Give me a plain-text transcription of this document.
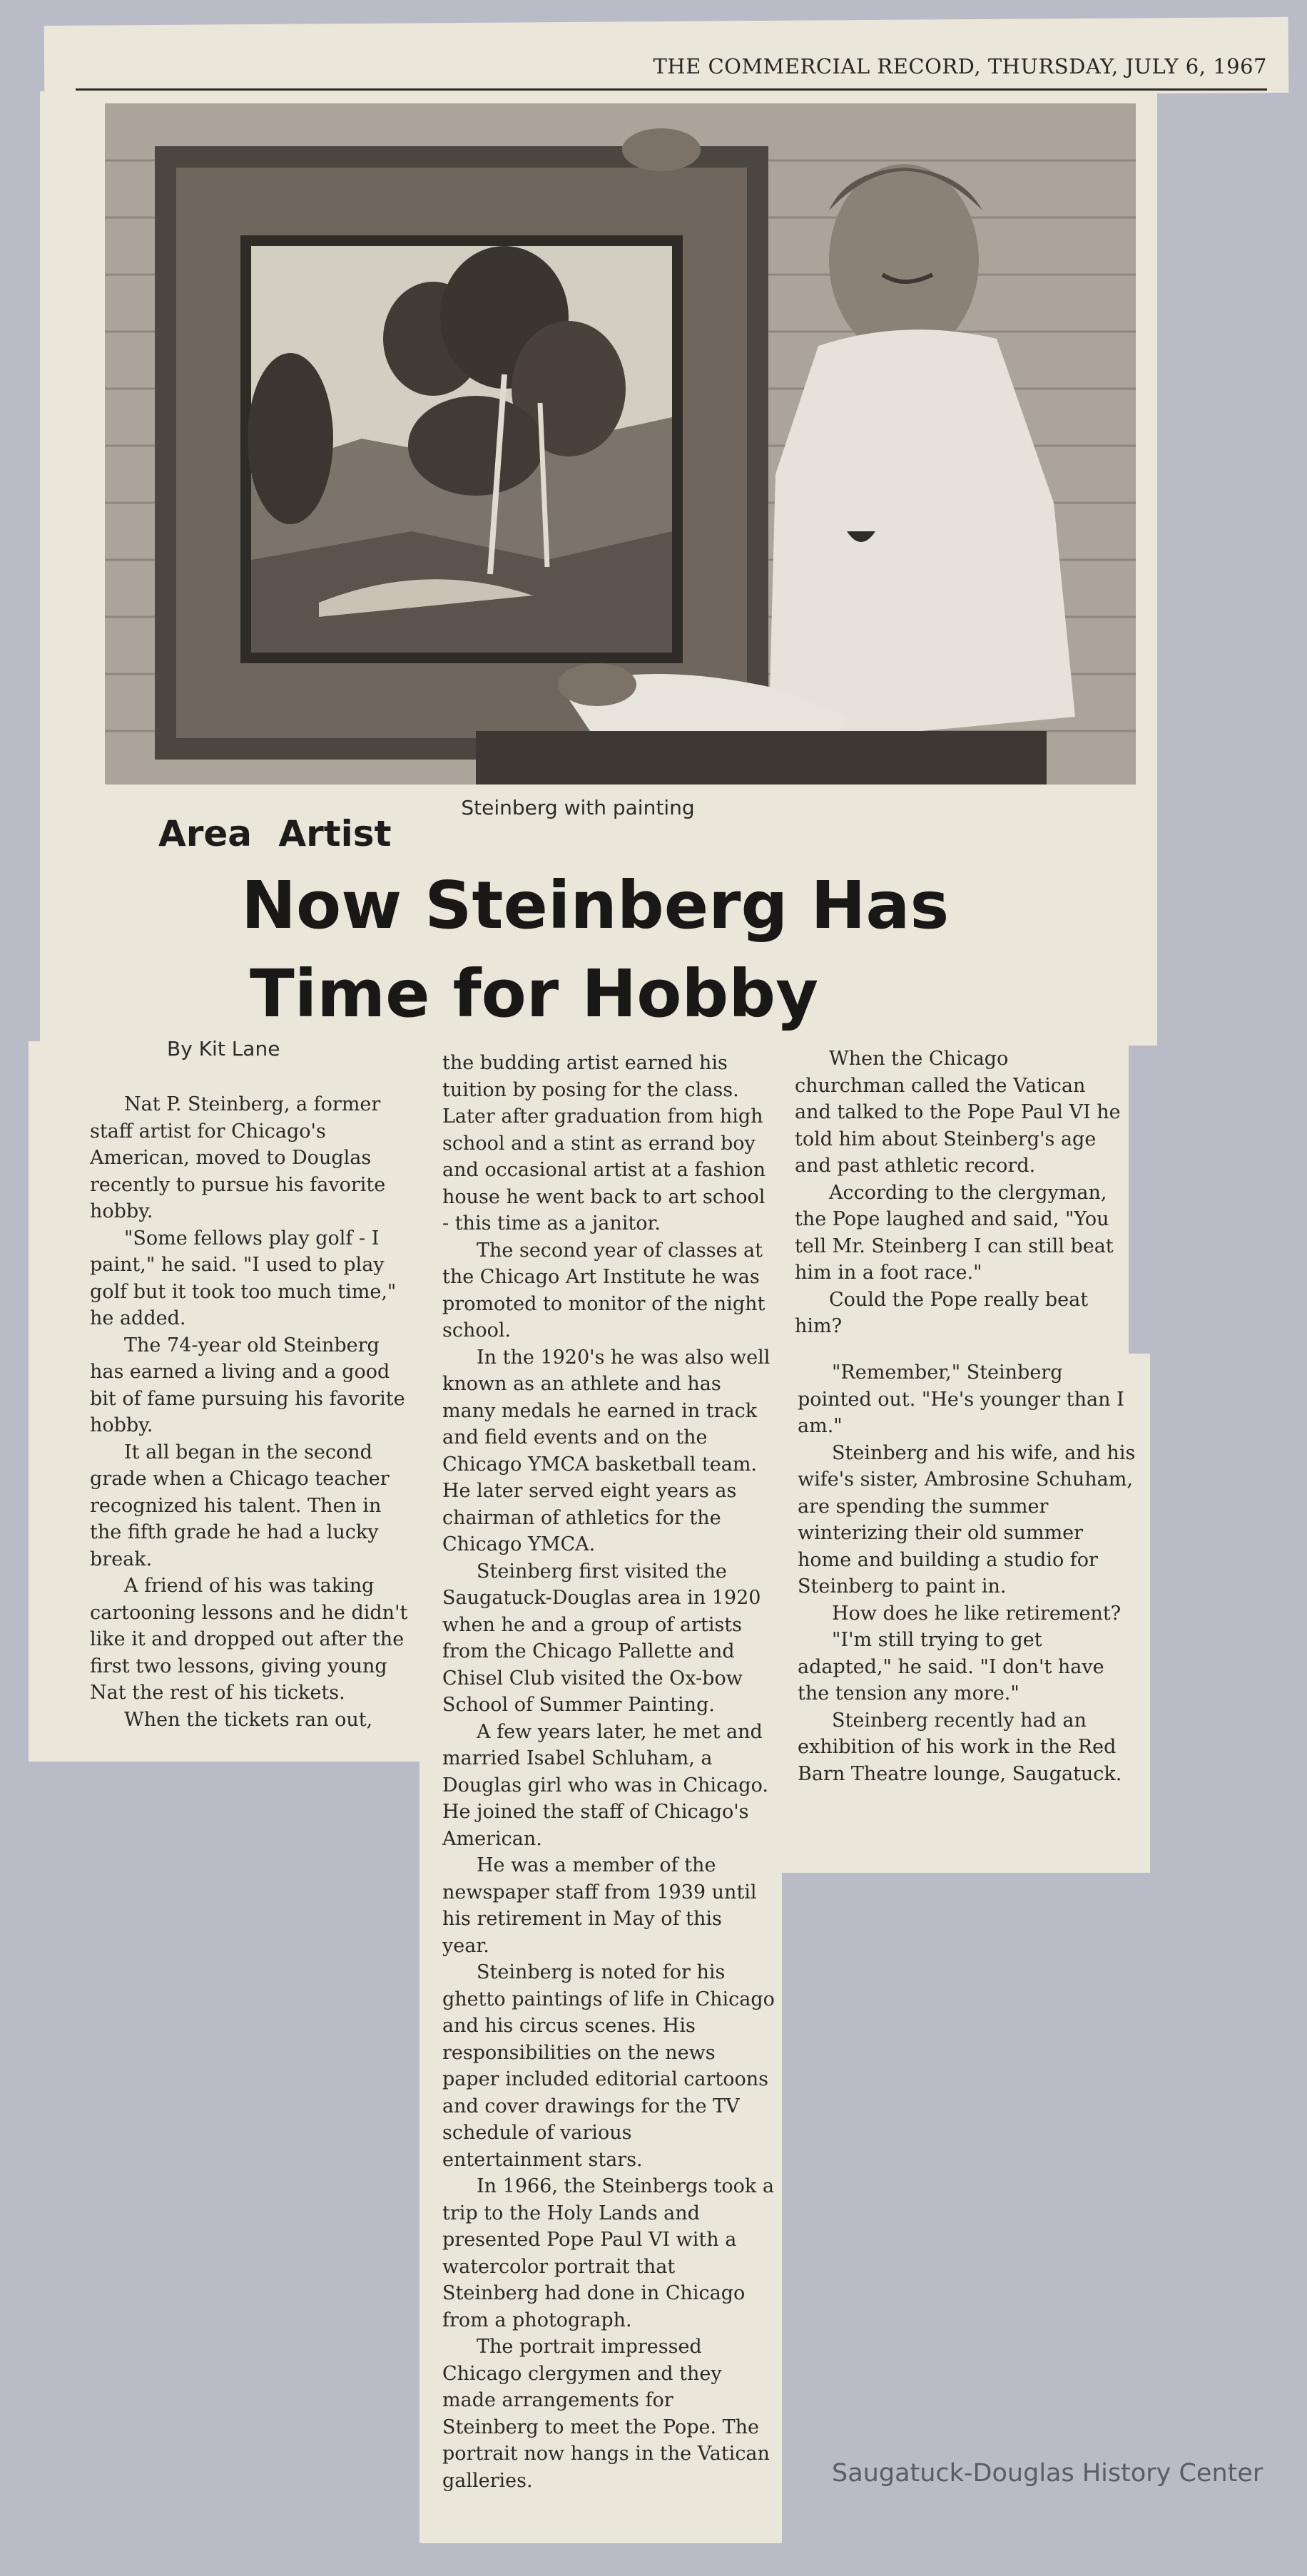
THE COMMERCIAL RECORD, THURSDAY, JULY 6, 1967
Steinberg with painting
Area Artist
Now Steinberg Has
Time for Hobby
By Kit Lane

Nat P. Steinberg, a former staff artist for Chicago's American, moved to Douglas recently to pursue his favorite hobby.

"Some fellows play golf - I paint," he said. "I used to play golf but it took too much time," he added.

The 74-year old Steinberg has earned a living and a good bit of fame pursuing his favorite hobby.

It all began in the second grade when a Chicago teacher recognized his talent. Then in the fifth grade he had a lucky break.

A friend of his was taking cartooning lessons and he didn't like it and dropped out after the first two lessons, giving young Nat the rest of his tickets.

When the tickets ran out,

the budding artist earned his tuition by posing for the class. Later after graduation from high school and a stint as errand boy and occasional artist at a fashion house he went back to art school - this time as a janitor.

The second year of classes at the Chicago Art Institute he was promoted to monitor of the night school.

In the 1920's he was also well known as an athlete and has many medals he earned in track and field events and on the Chicago YMCA basketball team. He later served eight years as chairman of athletics for the Chicago YMCA.

Steinberg first visited the Saugatuck-Douglas area in 1920 when he and a group of artists from the Chicago Pallette and Chisel Club visited the Ox-bow School of Summer Painting.

A few years later, he met and married Isabel Schluham, a Douglas girl who was in Chicago. He joined the staff of Chicago's American.

He was a member of the newspaper staff from 1939 until his retirement in May of this year.

Steinberg is noted for his ghetto paintings of life in Chicago and his circus scenes. His responsibilities on the news paper included editorial cartoons and cover drawings for the TV schedule of various entertainment stars.

In 1966, the Steinbergs took a trip to the Holy Lands and presented Pope Paul VI with a watercolor portrait that Steinberg had done in Chicago from a photograph.

The portrait impressed Chicago clergymen and they made arrangements for Steinberg to meet the Pope. The portrait now hangs in the Vatican galleries.

When the Chicago churchman called the Vatican and talked to the Pope Paul VI he told him about Steinberg's age and past athletic record.

According to the clergyman, the Pope laughed and said, "You tell Mr. Steinberg I can still beat him in a foot race."

Could the Pope really beat him?

"Remember," Steinberg pointed out. "He's younger than I am."

Steinberg and his wife, and his wife's sister, Ambrosine Schuham, are spending the summer winterizing their old summer home and building a studio for Steinberg to paint in.

How does he like retirement?

"I'm still trying to get adapted," he said. "I don't have the tension any more."

Steinberg recently had an exhibition of his work in the Red Barn Theatre lounge, Saugatuck.

Saugatuck-Douglas History Center
